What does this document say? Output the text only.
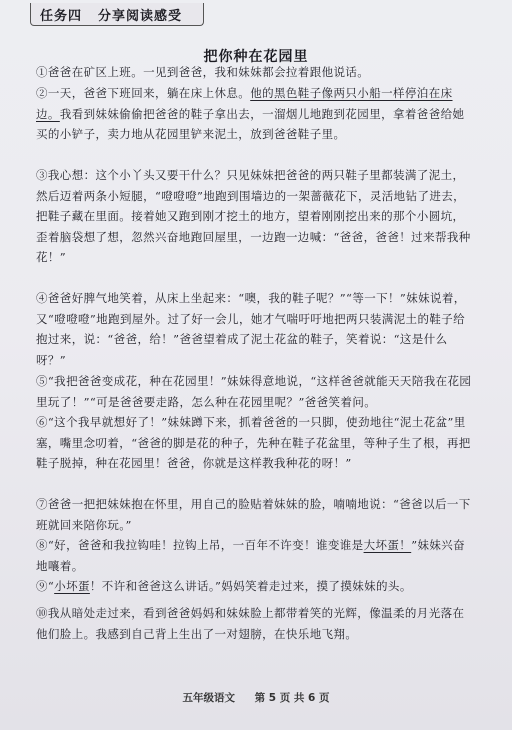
任务四 分享阅读感受
把你种在花园里

①爸爸在矿区上班。一见到爸爸，我和妹妹都会拉着跟他说话。

②一天，爸爸下班回来，躺在床上休息。他的黑色鞋子像两只小船一样停泊在床边。我看到妹妹偷偷把爸爸的鞋子拿出去，一溜烟儿地跑到花园里，拿着爸爸给她买的小铲子，卖力地从花园里铲来泥土，放到爸爸鞋子里。

③我心想：这个小丫头又要干什么？只见妹妹把爸爸的两只鞋子里都装满了泥土，然后迈着两条小短腿，“噔噔噔”地跑到围墙边的一架蔷薇花下，灵活地钻了进去，把鞋子藏在里面。接着她又跑到刚才挖土的地方，望着刚刚挖出来的那个小圆坑，歪着脑袋想了想，忽然兴奋地跑回屋里，一边跑一边喊：“爸爸，爸爸！过来帮我种花！”

④爸爸好脾气地笑着，从床上坐起来：“噢，我的鞋子呢？”“等一下！”妹妹说着，又“噔噔噔”地跑到屋外。过了好一会儿，她才气喘吁吁地把两只装满泥土的鞋子给抱过来，说：“爸爸，给！”爸爸望着成了泥土花盆的鞋子，笑着说：“这是什么呀？”

⑤“我把爸爸变成花，种在花园里！”妹妹得意地说，“这样爸爸就能天天陪我在花园里玩了！”“可是爸爸要走路，怎么种在花园里呢？”爸爸笑着问。

⑥“这个我早就想好了！”妹妹蹲下来，抓着爸爸的一只脚，使劲地往“泥土花盆”里塞，嘴里念叨着，“爸爸的脚是花的种子，先种在鞋子花盆里，等种子生了根，再把鞋子脱掉，种在花园里！爸爸，你就是这样教我种花的呀！”

⑦爸爸一把把妹妹抱在怀里，用自己的脸贴着妹妹的脸，喃喃地说：“爸爸以后一下班就回来陪你玩。”

⑧“好，爸爸和我拉钩哇！拉钩上吊，一百年不许变！谁变谁是大坏蛋！”妹妹兴奋地嚷着。

⑨“小坏蛋！不许和爸爸这么讲话。”妈妈笑着走过来，摸了摸妹妹的头。

⑩我从暗处走过来，看到爸爸妈妈和妹妹脸上都带着笑的光辉，像温柔的月光落在他们脸上。我感到自己背上生出了一对翅膀，在快乐地飞翔。

五年级语文 第 5 页 共 6 页
